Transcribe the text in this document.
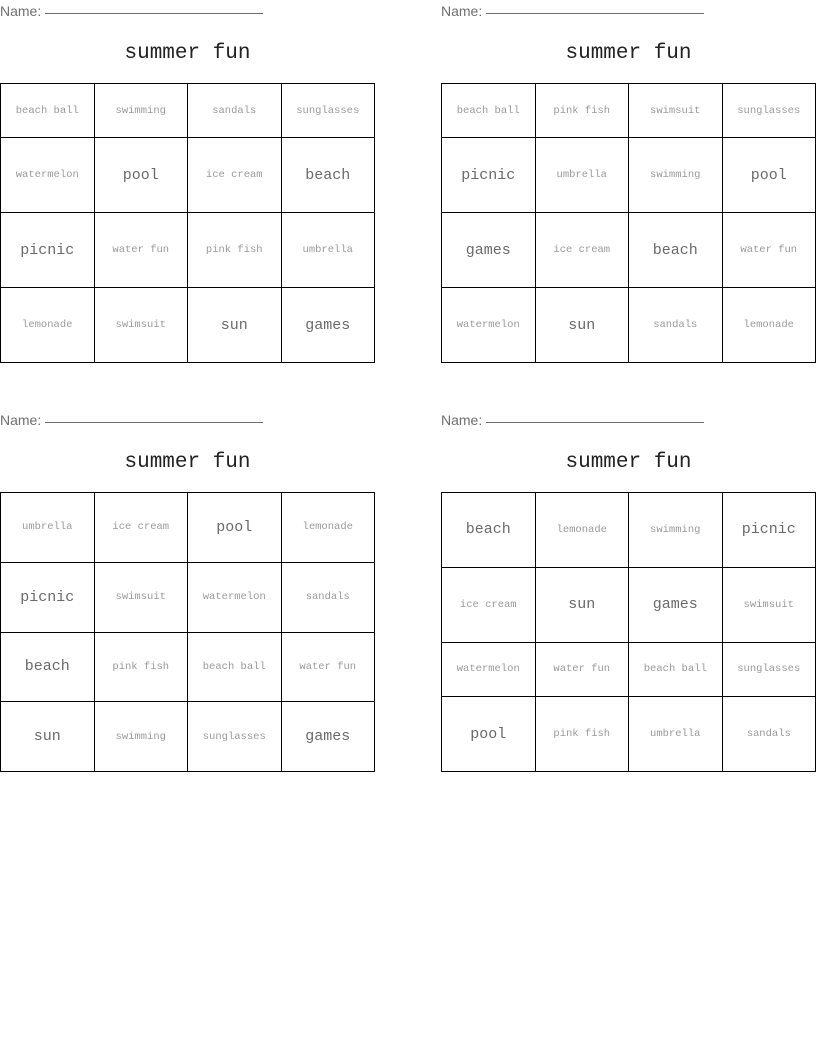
Name:
summer fun
beach ball	swimming	sandals	sunglasses
watermelon	pool	ice cream	beach
picnic	water fun	pink fish	umbrella
lemonade	swimsuit	sun	games
Name:
summer fun
beach ball	pink fish	swimsuit	sunglasses
picnic	umbrella	swimming	pool
games	ice cream	beach	water fun
watermelon	sun	sandals	lemonade
Name:
summer fun
umbrella	ice cream	pool	lemonade
picnic	swimsuit	watermelon	sandals
beach	pink fish	beach ball	water fun
sun	swimming	sunglasses	games
Name:
summer fun
beach	lemonade	swimming	picnic
ice cream	sun	games	swimsuit
watermelon	water fun	beach ball	sunglasses
pool	pink fish	umbrella	sandals
